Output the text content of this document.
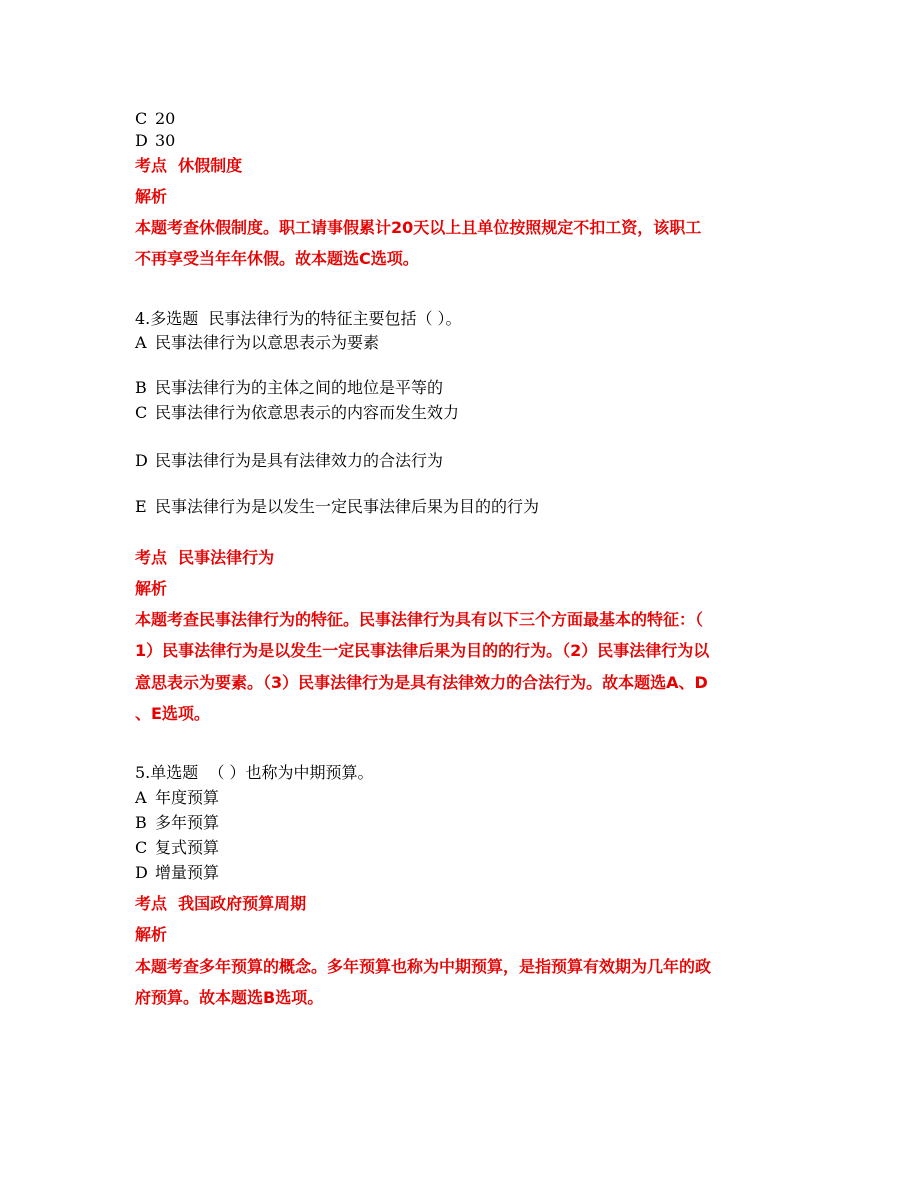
C 20
D 30
考点 休假制度
解析
本题考查休假制度。职工请事假累计20天以上且单位按照规定不扣工资，该职工
不再享受当年年休假。故本题选C选项。
4.多选题 民事法律行为的特征主要包括（ ）。
A 民事法律行为以意思表示为要素
B 民事法律行为的主体之间的地位是平等的
C 民事法律行为依意思表示的内容而发生效力
D 民事法律行为是具有法律效力的合法行为
E 民事法律行为是以发生一定民事法律后果为目的的行为
考点 民事法律行为
解析
本题考查民事法律行为的特征。民事法律行为具有以下三个方面最基本的特征：（
1）民事法律行为是以发生一定民事法律后果为目的的行为。（2）民事法律行为以
意思表示为要素。（3）民事法律行为是具有法律效力的合法行为。故本题选A、D
、E选项。
5.单选题 （ ）也称为中期预算。
A 年度预算
B 多年预算
C 复式预算
D 增量预算
考点 我国政府预算周期
解析
本题考查多年预算的概念。多年预算也称为中期预算，是指预算有效期为几年的政
府预算。故本题选B选项。
